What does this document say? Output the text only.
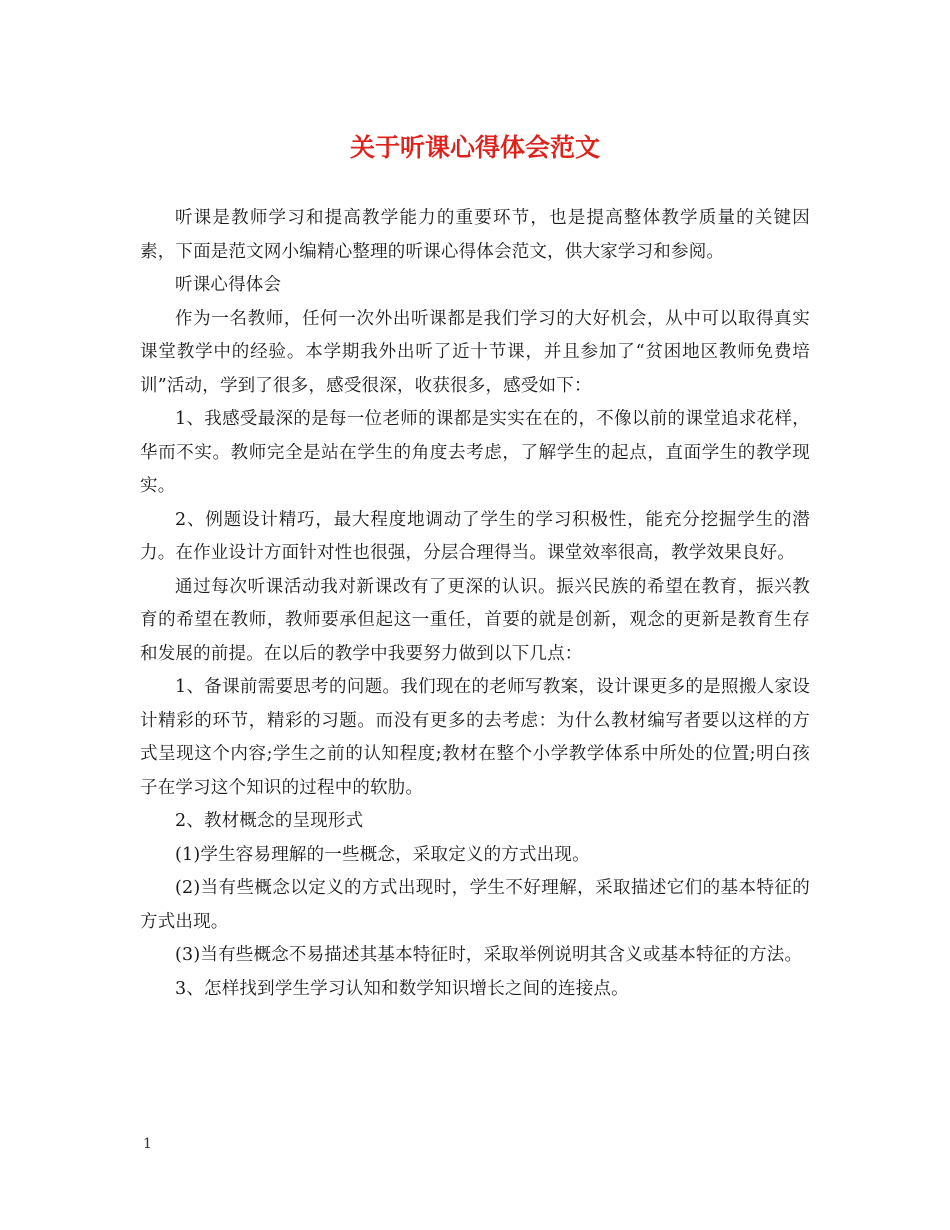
关于听课心得体会范文

听课是教师学习和提高教学能力的重要环节，也是提高整体教学质量的关键因素，下面是范文网小编精心整理的听课心得体会范文，供大家学习和参阅。

听课心得体会

作为一名教师，任何一次外出听课都是我们学习的大好机会，从中可以取得真实课堂教学中的经验。本学期我外出听了近十节课，并且参加了“贫困地区教师免费培训”活动，学到了很多，感受很深，收获很多，感受如下：

1、我感受最深的是每一位老师的课都是实实在在的，不像以前的课堂追求花样，华而不实。教师完全是站在学生的角度去考虑，了解学生的起点，直面学生的教学现实。

2、例题设计精巧，最大程度地调动了学生的学习积极性，能充分挖掘学生的潜力。在作业设计方面针对性也很强，分层合理得当。课堂效率很高，教学效果良好。

通过每次听课活动我对新课改有了更深的认识。振兴民族的希望在教育，振兴教育的希望在教师，教师要承但起这一重任，首要的就是创新，观念的更新是教育生存和发展的前提。在以后的教学中我要努力做到以下几点：

1、备课前需要思考的问题。我们现在的老师写教案，设计课更多的是照搬人家设计精彩的环节，精彩的习题。而没有更多的去考虑：为什么教材编写者要以这样的方式呈现这个内容;学生之前的认知程度;教材在整个小学教学体系中所处的位置;明白孩子在学习这个知识的过程中的软肋。

2、教材概念的呈现形式

(1)学生容易理解的一些概念，采取定义的方式出现。

(2)当有些概念以定义的方式出现时，学生不好理解，采取描述它们的基本特征的方式出现。

(3)当有些概念不易描述其基本特征时，采取举例说明其含义或基本特征的方法。

3、怎样找到学生学习认知和数学知识增长之间的连接点。

1
